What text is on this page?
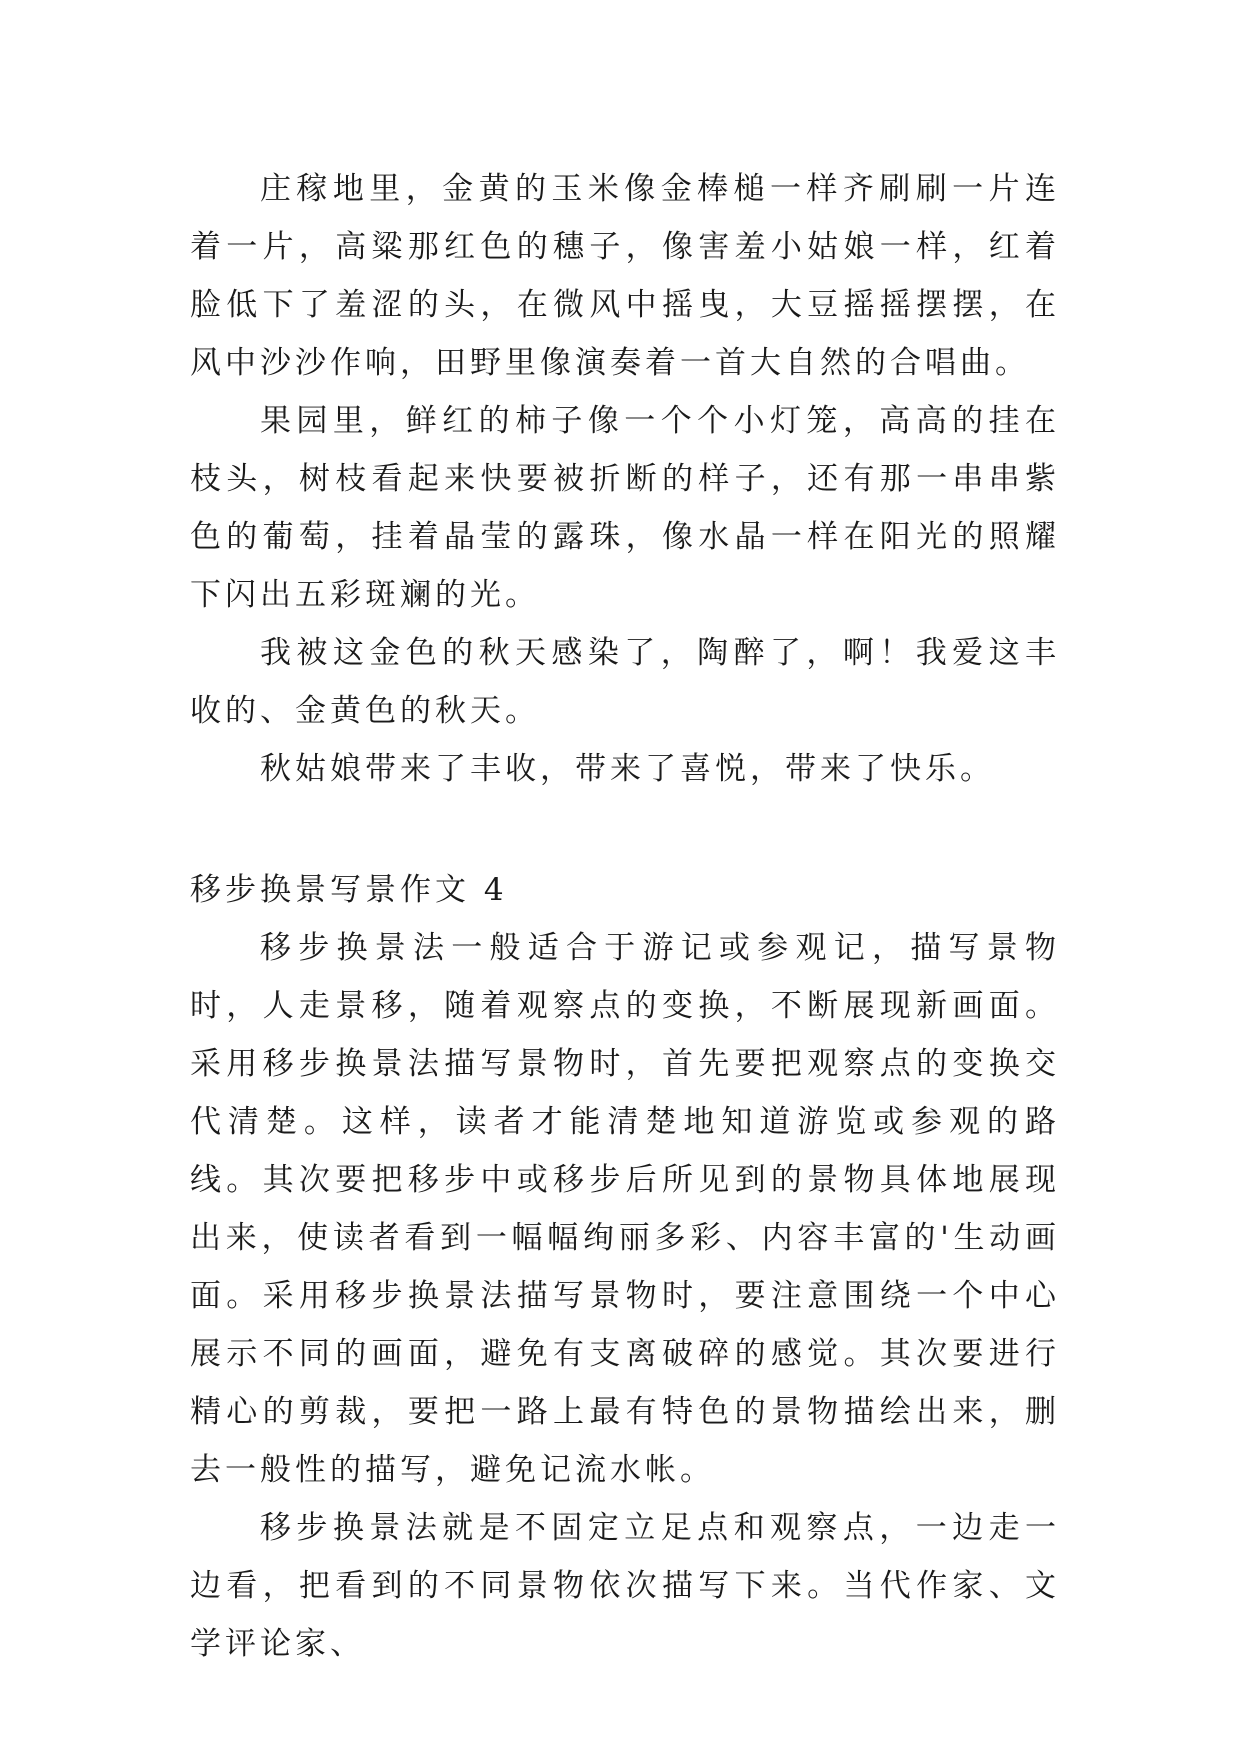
庄稼地里，金黄的玉米像金棒槌一样齐刷刷一片连着一片，高粱那红色的穗子，像害羞小姑娘一样，红着脸低下了羞涩的头，在微风中摇曳，大豆摇摇摆摆，在风中沙沙作响，田野里像演奏着一首大自然的合唱曲。

果园里，鲜红的柿子像一个个小灯笼，高高的挂在枝头，树枝看起来快要被折断的样子，还有那一串串紫色的葡萄，挂着晶莹的露珠，像水晶一样在阳光的照耀下闪出五彩斑斓的光。

我被这金色的秋天感染了，陶醉了，啊！我爱这丰收的、金黄色的秋天。

秋姑娘带来了丰收，带来了喜悦，带来了快乐。

移步换景写景作文 4

移步换景法一般适合于游记或参观记，描写景物时，人走景移，随着观察点的变换，不断展现新画面。采用移步换景法描写景物时，首先要把观察点的变换交代清楚。这样，读者才能清楚地知道游览或参观的路线。其次要把移步中或移步后所见到的景物具体地展现出来，使读者看到一幅幅绚丽多彩、内容丰富的'生动画面。采用移步换景法描写景物时，要注意围绕一个中心展示不同的画面，避免有支离破碎的感觉。其次要进行精心的剪裁，要把一路上最有特色的景物描绘出来，删去一般性的描写，避免记流水帐。

移步换景法就是不固定立足点和观察点，一边走一边看，把看到的不同景物依次描写下来。当代作家、文学评论家、
